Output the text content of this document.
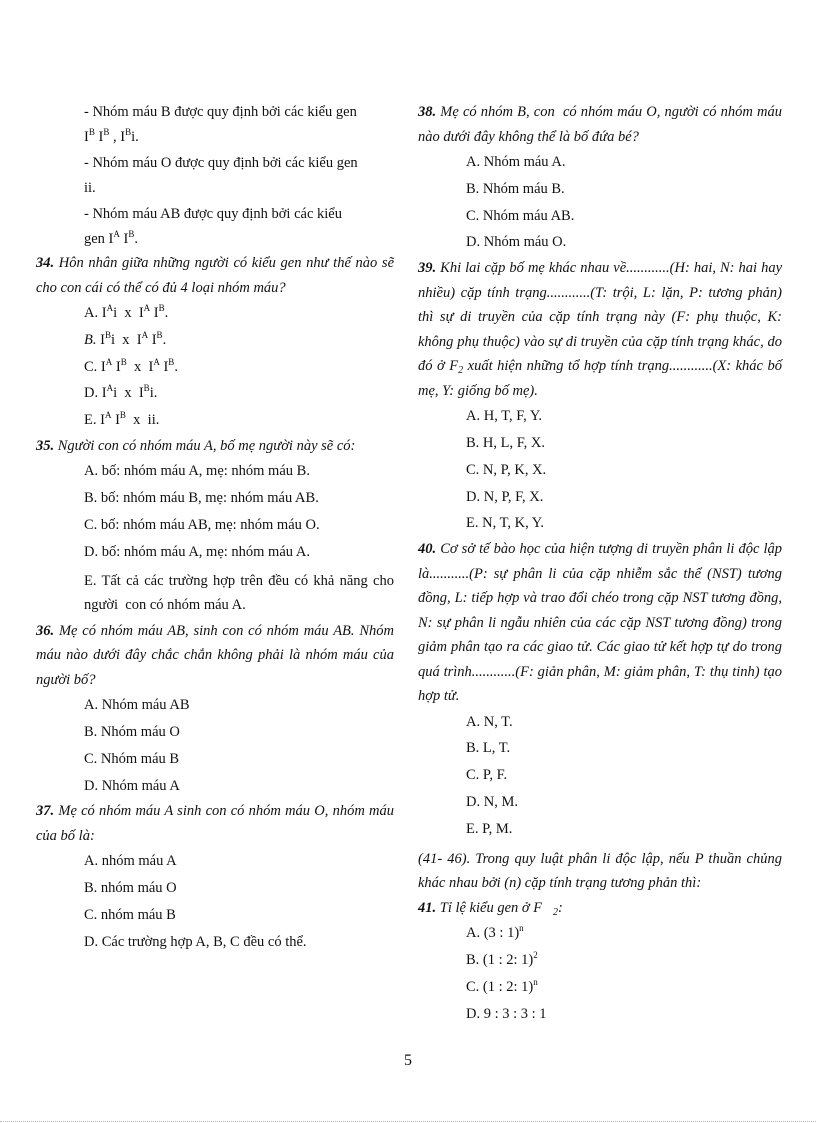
- Nhóm máu B được quy định bởi các kiểu gen

$I^B$ $I^B$ , $I^Bi$.

- Nhóm máu O được quy định bởi các kiểu gen

ii.

- Nhóm máu AB được quy định bởi các kiểu

gen $I^A$ $I^B$.

34. Hôn nhân giữa những người có kiểu gen như thế nào sẽ cho con cái có thể có đủ 4 loại nhóm máu?

A. $I^Ai$  x  $I^A$ $I^B$.

B. $I^Bi$  x  $I^A$ $I^B$.

C. $I^A$ $I^B$  x  $I^A$ $I^B$.

D. $I^Ai$  x  $I^Bi$.

E. $I^A$ $I^B$  x  ii.

35. Người con có nhóm máu A, bố mẹ người này sẽ có:

A. bố: nhóm máu A, mẹ: nhóm máu B.

B. bố: nhóm máu B, mẹ: nhóm máu AB.

C. bố: nhóm máu AB, mẹ: nhóm máu O.

D. bố: nhóm máu A, mẹ: nhóm máu A.

E. Tất cả các trường hợp trên đều có khả năng cho người  con có nhóm máu A.

36. Mẹ có nhóm máu AB, sinh con có nhóm máu AB. Nhóm máu nào dưới đây chắc chắn không phải là nhóm máu của người bố?

A. Nhóm máu AB

B. Nhóm máu O

C. Nhóm máu B

D. Nhóm máu A

37. Mẹ có nhóm máu A sinh con có nhóm máu O, nhóm máu của bố là:

A. nhóm máu A

B. nhóm máu O

C. nhóm máu B

D. Các trường hợp A, B, C đều có thể.

38. Mẹ có nhóm B, con  có nhóm máu O, người có nhóm máu nào dưới đây không thể là bố đứa bé?

A. Nhóm máu A.

B. Nhóm máu B.

C. Nhóm máu AB.

D. Nhóm máu O.

39. Khi lai cặp bố mẹ khác nhau về............(H: hai, N: hai hay nhiều) cặp tính trạng............(T: trội, L: lặn, P: tương phản) thì sự di truyền của cặp tính trạng này (F: phụ thuộc, K: không phụ thuộc) vào sự di truyền của cặp tính trạng khác, do đó ở $F_2$ xuất hiện những tổ hợp tính trạng............(X: khác bố mẹ, Y: giống bố mẹ).

A. H, T, F, Y.

B. H, L, F, X.

C. N, P, K, X.

D. N, P, F, X.

E. N, T, K, Y.

40. Cơ sở tế bào học của hiện tượng di truyền phân li độc lập là...........(P: sự phân li của cặp nhiễm sắc thể (NST) tương đồng, L: tiếp hợp và trao đổi chéo trong cặp NST tương đồng, N: sự phân li ngẫu nhiên của các cặp NST tương đồng) trong giảm phân tạo ra các giao tử. Các giao tử kết hợp tự do trong quá trình............(F: giản phân, M: giảm phân, T: thụ tinh) tạo hợp tử.

A. N, T.

B. L, T.

C. P, F.

D. N, M.

E. P, M.

(41- 46). Trong quy luật phân li độc lập, nếu P thuần chủng khác nhau bởi (n) cặp tính trạng tương phản thì:

41. Tỉ lệ kiểu gen ở F   $_2$:

A. (3 : 1)$^n$

B. (1 : 2: 1)$^2$

C. (1 : 2: 1)$^n$

D. 9 : 3 : 3 : 1

5
